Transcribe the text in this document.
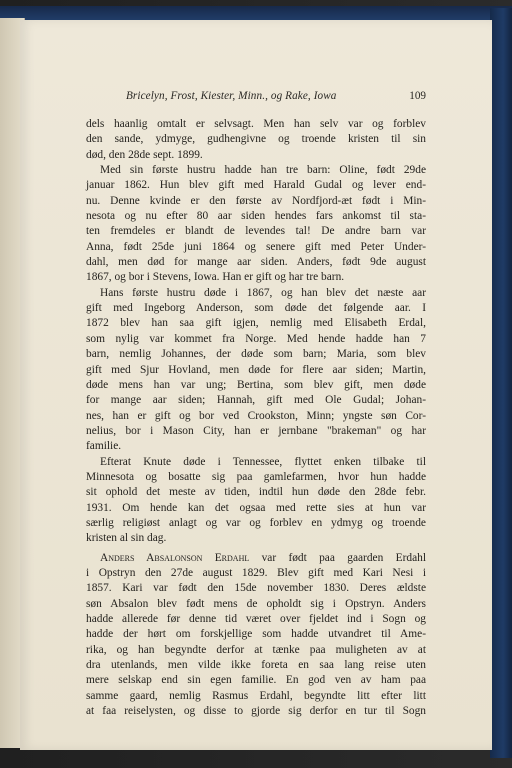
Bricelyn, Frost, Kiester, Minn., og Rake, Iowa	109
dels haanlig omtalt er selvsagt. Men han selv var og forblev
den sande, ydmyge, gudhengivne og troende kristen til sin
død, den 28de sept. 1899.
Med sin første hustru hadde han tre barn: Oline, født 29de
januar 1862. Hun blev gift med Harald Gudal og lever end-
nu. Denne kvinde er den første av Nordfjord-æt født i Min-
nesota og nu efter 80 aar siden hendes fars ankomst til sta-
ten fremdeles er blandt de levendes tal! De andre barn var
Anna, født 25de juni 1864 og senere gift med Peter Under-
dahl, men død for mange aar siden. Anders, født 9de august
1867, og bor i Stevens, Iowa. Han er gift og har tre barn.
Hans første hustru døde i 1867, og han blev det næste aar
gift med Ingeborg Anderson, som døde det følgende aar. I
1872 blev han saa gift igjen, nemlig med Elisabeth Erdal,
som nylig var kommet fra Norge. Med hende hadde han 7
barn, nemlig Johannes, der døde som barn; Maria, som blev
gift med Sjur Hovland, men døde for flere aar siden; Martin,
døde mens han var ung; Bertina, som blev gift, men døde
for mange aar siden; Hannah, gift med Ole Gudal; Johan-
nes, han er gift og bor ved Crookston, Minn; yngste søn Cor-
nelius, bor i Mason City, han er jernbane "brakeman" og har
familie.
Efterat Knute døde i Tennessee, flyttet enken tilbake til
Minnesota og bosatte sig paa gamlefarmen, hvor hun hadde
sit ophold det meste av tiden, indtil hun døde den 28de febr.
1931. Om hende kan det ogsaa med rette sies at hun var
særlig religiøst anlagt og var og forblev en ydmyg og troende
kristen al sin dag.
Anders Absalonson Erdahl var født paa gaarden Erdahl
i Opstryn den 27de august 1829. Blev gift med Kari Nesi i
1857. Kari var født den 15de november 1830. Deres ældste
søn Absalon blev født mens de opholdt sig i Opstryn. Anders
hadde allerede før denne tid været over fjeldet ind i Sogn og
hadde der hørt om forskjellige som hadde utvandret til Ame-
rika, og han begyndte derfor at tænke paa muligheten av at
dra utenlands, men vilde ikke foreta en saa lang reise uten
mere selskap end sin egen familie. En god ven av ham paa
samme gaard, nemlig Rasmus Erdahl, begyndte litt efter litt
at faa reiselysten, og disse to gjorde sig derfor en tur til Sogn
